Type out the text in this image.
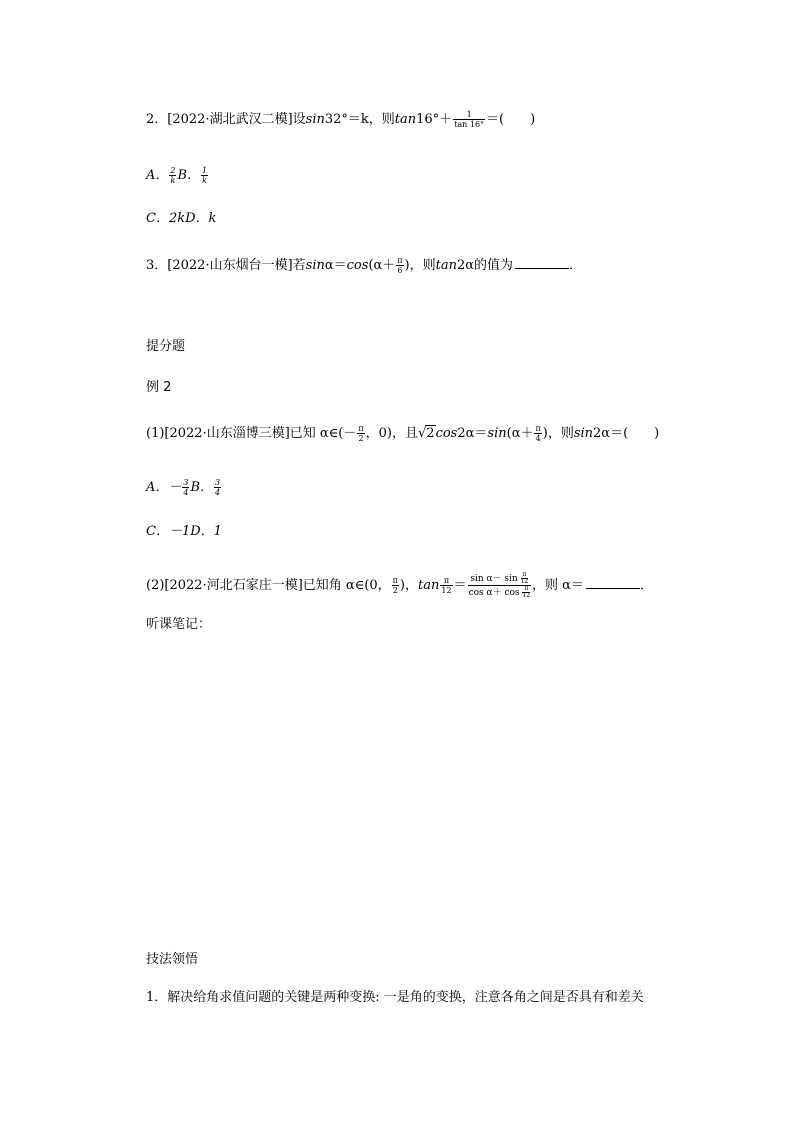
2．[2022·湖北武汉二模]设sin32°＝k，则$\tan 16^\circ+ \frac{1}{\tan 16^\circ}$ ＝(　　)
A． $\frac{2}{k}$ B． $\frac{1}{k}$
C．2kD．k
3．[2022·山东烟台一模]若$\sin\alpha=\cos(\alpha+ \frac{\pi}{6}$ )，则tan2α的值为	．
提分题
例 2
(1)[2022·山东淄博三模]已知 α∈(－ $\frac{\pi}{2}$ ，0)，且$√2\cos 2\alpha=\sin(\alpha+ \frac{\pi}{4}$ )，则sin2α＝(　　)
A．－ $\frac{3}{4}$ B． $\frac{3}{4}$
C．－1D．1
(2)[2022·河北石家庄一模]已知角 α∈(0， $\frac{\pi}{2}$ )，$\tan \frac{\pi}{12} = \frac{\sin \alpha- \sin \frac{\pi}{12}}{\cos \alpha+ \cos \frac{\pi}{12}}$ ，则 α＝	．
听课笔记：
技法领悟
1．解决给角求值问题的关键是两种变换: 一是角的变换，注意各角之间是否具有和差关
